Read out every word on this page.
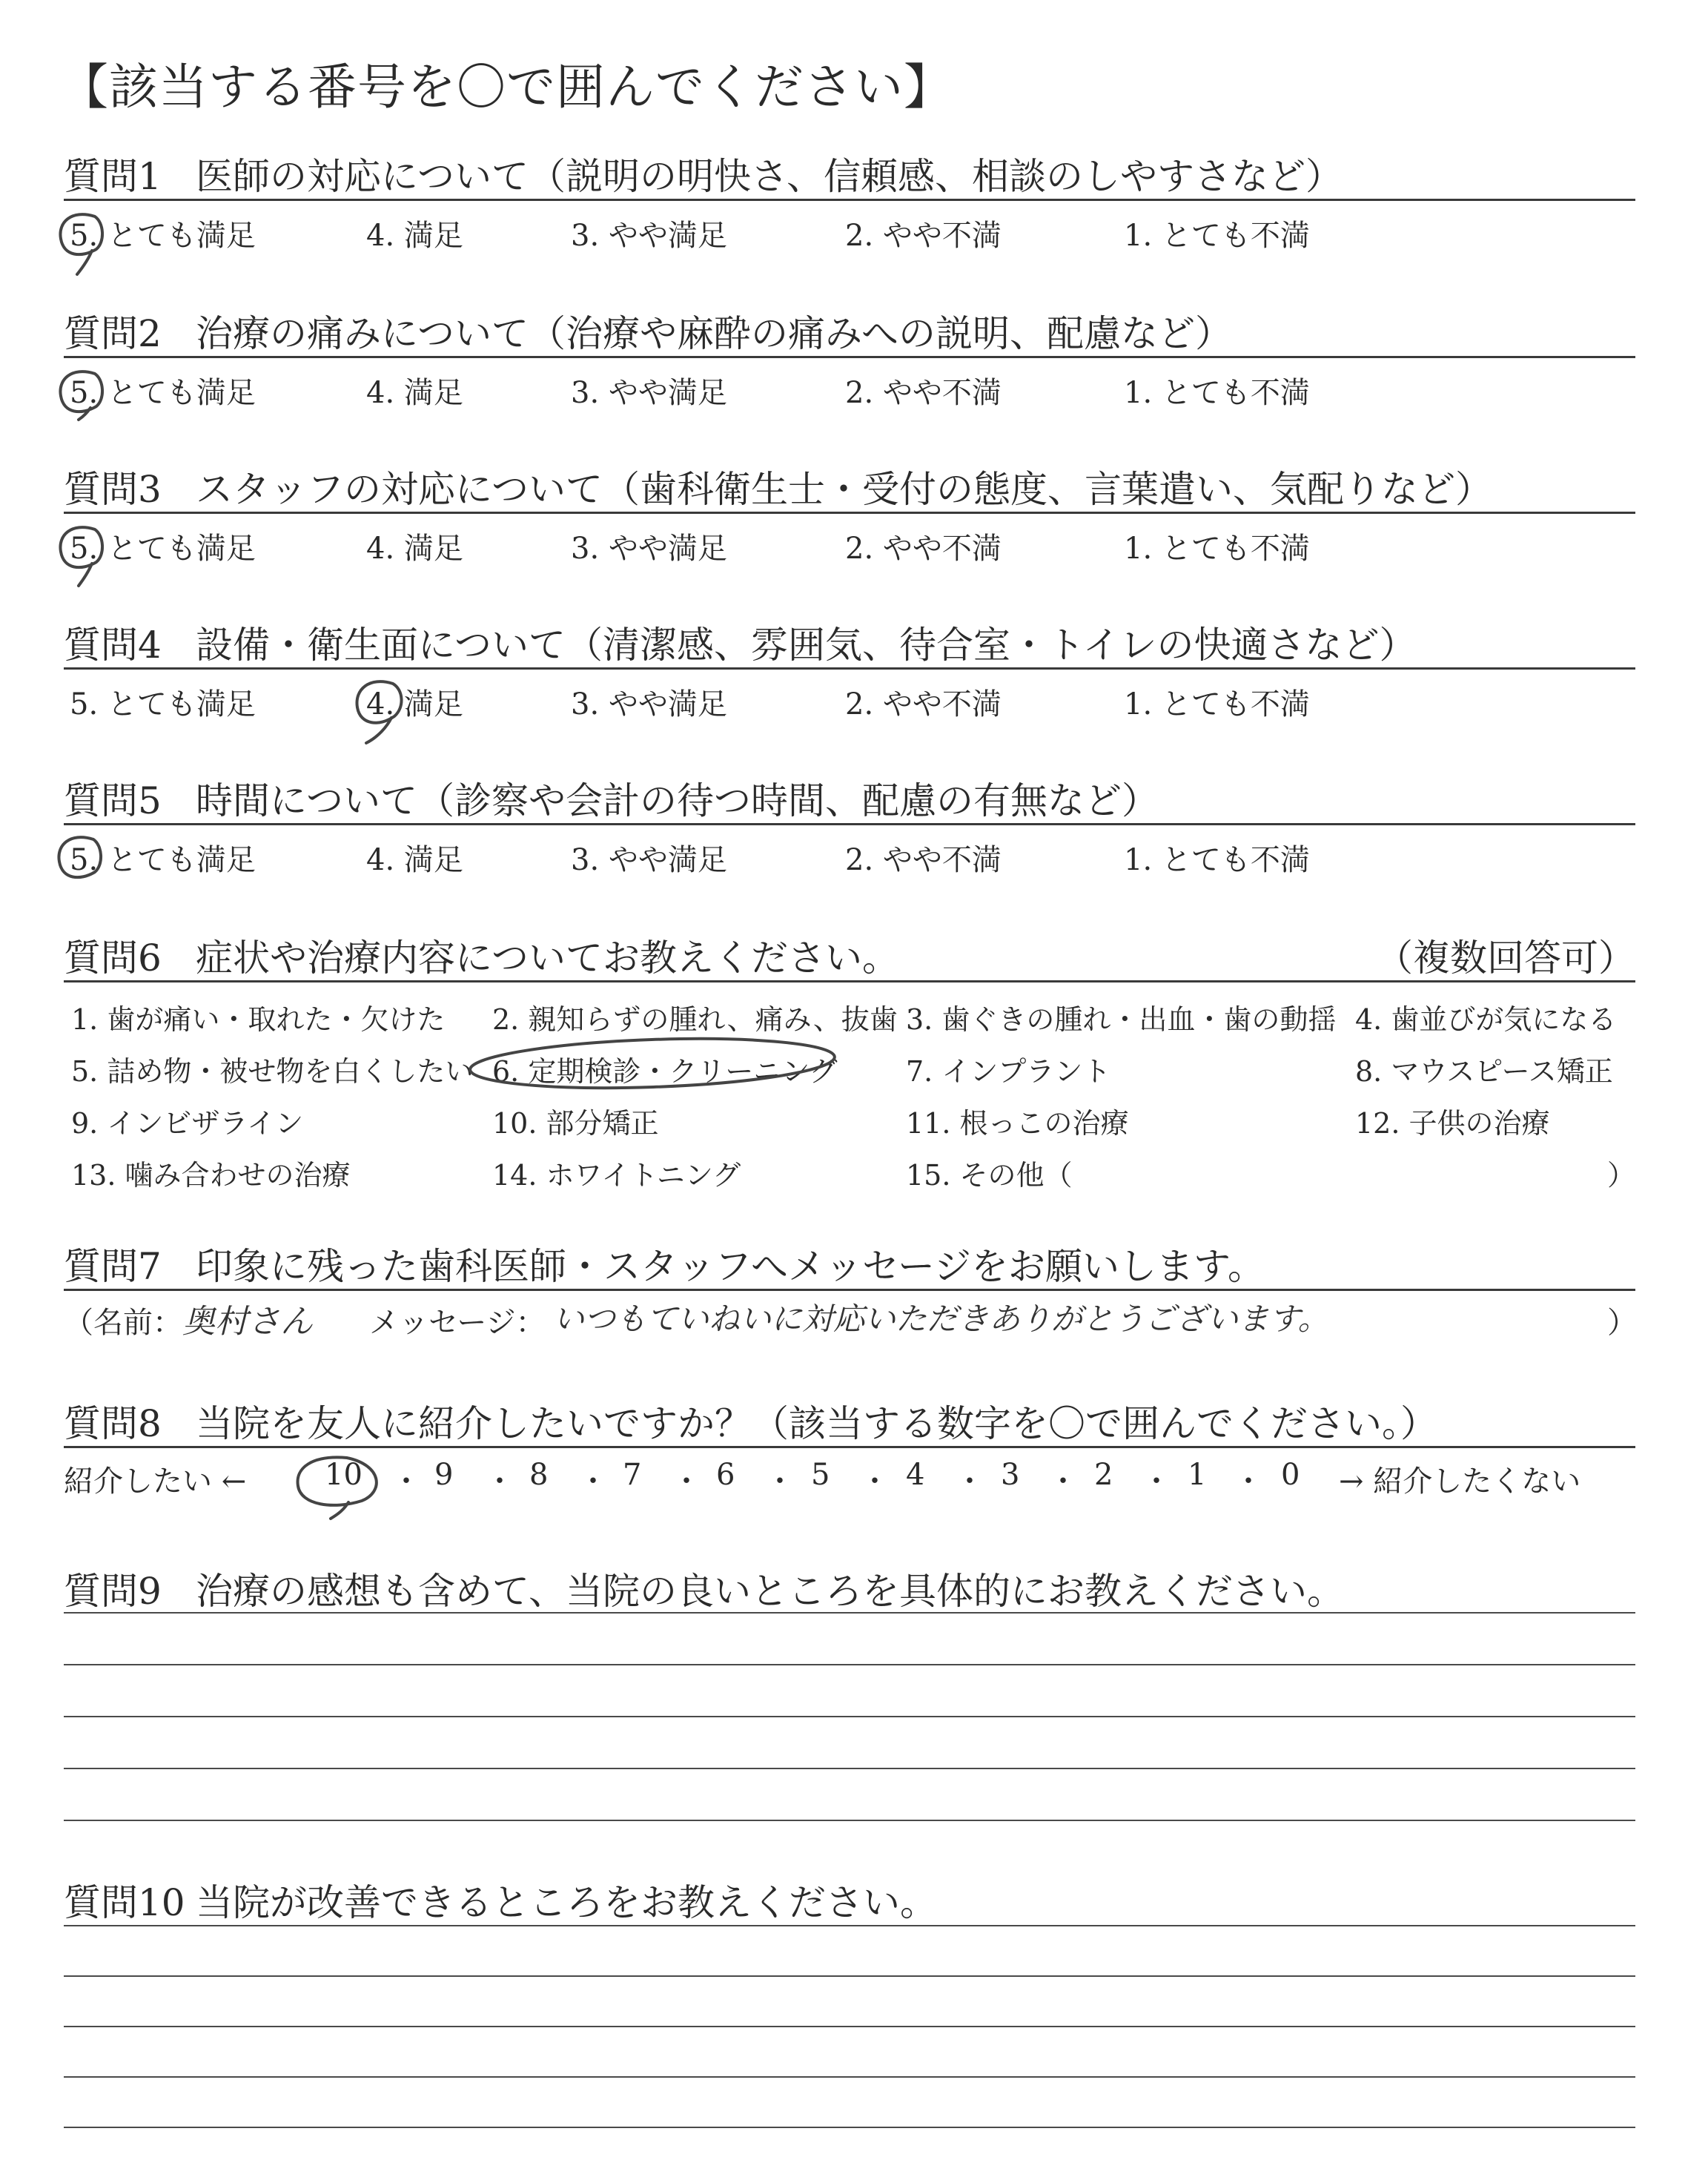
【該当する番号を〇で囲んでください】
質問1 医師の対応について（説明の明快さ、信頼感、相談のしやすさなど）
5. とても満足	4. 満足	3. やや満足	2. やや不満	1. とても不満
質問2 治療の痛みについて（治療や麻酔の痛みへの説明、配慮など）
5. とても満足	4. 満足	3. やや満足	2. やや不満	1. とても不満
質問3 スタッフの対応について（歯科衛生士・受付の態度、言葉遣い、気配りなど）
5. とても満足	4. 満足	3. やや満足	2. やや不満	1. とても不満
質問4 設備・衛生面について（清潔感、雰囲気、待合室・トイレの快適さなど）
5. とても満足	4. 満足	3. やや満足	2. やや不満	1. とても不満
質問5 時間について（診察や会計の待つ時間、配慮の有無など）
5. とても満足	4. 満足	3. やや満足	2. やや不満	1. とても不満
質問6 症状や治療内容についてお教えください。	（複数回答可）
1. 歯が痛い・取れた・欠けた 2. 親知らずの腫れ、痛み、抜歯 3. 歯ぐきの腫れ・出血・歯の動揺 4. 歯並びが気になる
5. 詰め物・被せ物を白くしたい 6. 定期検診・クリーニング 7. インプラント	8. マウスピース矯正
9. インビザライン	10. 部分矯正	11. 根っこの治療	12. 子供の治療
13. 噛み合わせの治療	14. ホワイトニング	15. その他（	）
質問7 印象に残った歯科医師・スタッフへメッセージをお願いします。
（名前： 奥村さん メッセージ： いつもていねいに対応いただきありがとうございます。	）
質問8 当院を友人に紹介したいですか？（該当する数字を〇で囲んでください。）
紹介したい ←	10 ・ 9 ・ 8 ・ 7 ・ 6 ・ 5 ・ 4 ・ 3 ・ 2 ・ 1 ・ 0 → 紹介したくない
質問9 治療の感想も含めて、当院の良いところを具体的にお教えください。
質問10 当院が改善できるところをお教えください。
